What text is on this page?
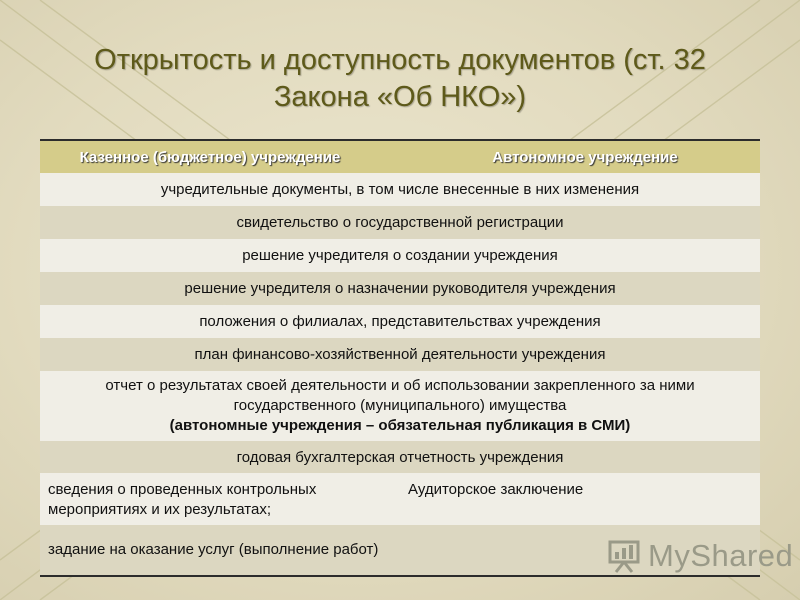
Открытость и доступность документов (ст. 32
Закона «Об НКО»)
Казенное (бюджетное) учреждение	Автономное учреждение
учредительные документы, в том числе внесенные в них изменения
свидетельство о государственной регистрации
решение учредителя о создании учреждения
решение учредителя о назначении руководителя учреждения
положения о филиалах, представительствах учреждения
план финансово-хозяйственной деятельности учреждения
отчет о результатах своей деятельности и об использовании закрепленного за ними
государственного (муниципального) имущества
(автономные учреждения – обязательная публикация в СМИ)
годовая бухгалтерская отчетность учреждения
сведения о проведенных контрольных мероприятиях и их результатах;
Аудиторское заключение
задание на оказание услуг (выполнение работ)	MyShared
